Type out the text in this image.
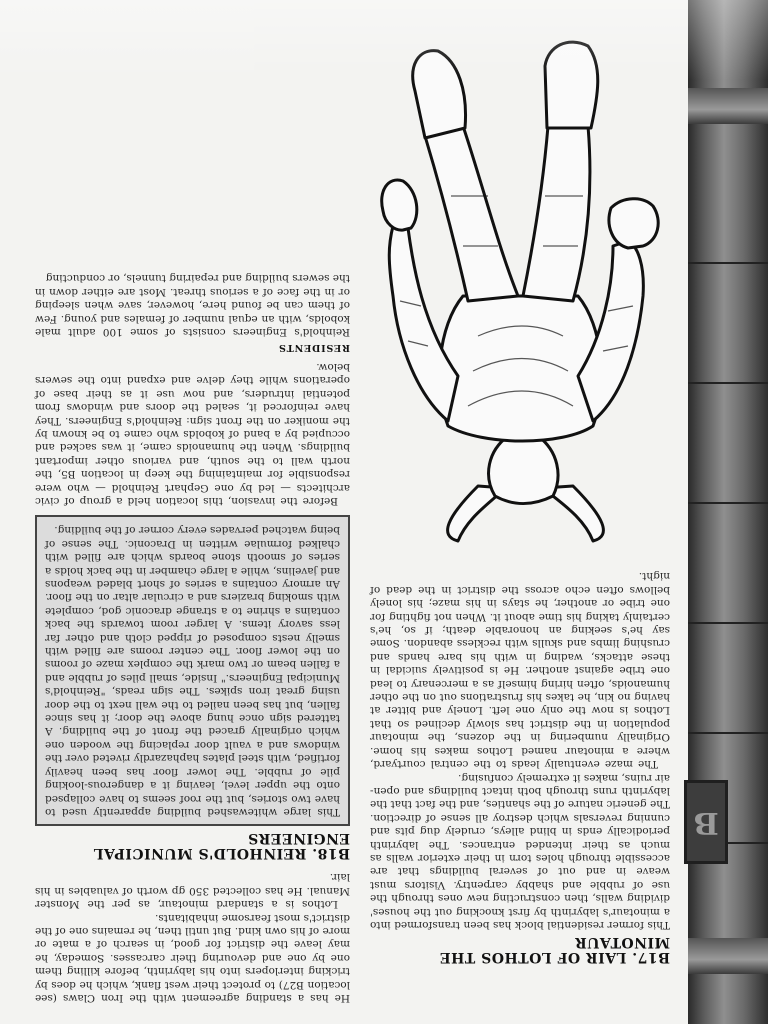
B
B17. LAIR OF LOTHOS THE
MINOTAUR

This former residential block has been transformed into a minotaur's labyrinth by first knocking out the houses' dividing walls, then constructing new ones through the use of rubble and shabby carpentry. Visitors must weave in and out of several buildings that are accessible through holes torn in their exterior walls as much as their intended entrances. The labyrinth periodically ends in blind alleys, crudely dug pits and cunning reversals which destroy all sense of direction. The generic nature of the shanties, and the fact that the labyrinth runs through both intact buildings and open-air ruins, makes it extremely confusing.

The maze eventually leads to the central courtyard, where a minotaur named Lothos makes his home. Originally numbering in the dozens, the minotaur population in the district has slowly declined so that Lothos is now the only one left. Lonely and bitter at having no kin, he takes his frustrations out on the other humanoids, often hiring himself as a mercenary to lead one tribe against another. He is positively suicidal in these attacks, wading in with his bare hands and crushing limbs and skulls with reckless abandon. Some say he's seeking an honorable death; if so, he's certainly taking his time about it. When not fighting for one tribe or another, he stays in his maze; his lonely bellows often echo across the district in the dead of night.

He has a standing agreement with the Iron Claws (see location B27) to protect their west flank, which he does by tricking interlopers into his labyrinth, before killing them one by one and devouring their carcasses. Someday, he may leave the district for good, in search of a mate or more of his own kind. But until then, he remains one of the district's most fearsome inhabitants.

Lothos is a standard minotaur, as per the Monster Manual. He has collected 350 gp worth of valuables in his lair.

B18. REINHOLD'S MUNICIPAL
ENGINEERS

This large whitewashed building apparently used to have two stories, but the roof seems to have collapsed onto the upper level, leaving it a dangerous-looking pile of rubble. The lower floor has been heavily fortified, with steel plates haphazardly riveted over the windows and a vault door replacing the wooden one which originally graced the front of the building. A tattered sign once hung above the door; it has since fallen, but has been nailed to the wall next to the door using great iron spikes. The sign reads, "Reinhold's Municipal Engineers." Inside, small piles of rubble and a fallen beam or two mark the complex maze of rooms on the lower floor. The center rooms are filled with smelly nests composed of ripped cloth and other far less savory items. A larger room towards the back contains a shrine to a strange draconic god, complete with smoking braziers and a circular altar on the floor. An armory contains a series of short bladed weapons and javelins, while a large chamber in the back holds a series of smooth stone boards which are filled with chalked formulae written in Draconic. The sense of being watched pervades every corner of the building.

Before the invasion, this location held a group of civic architects — led by one Gephart Reinhold — who were responsible for maintaining the keep in location B5, the north wall to the south, and various other important buildings. When the humanoids came, it was sacked and occupied by a band of kobolds who came to be known by the moniker on the front sign: Reinhold's Engineers. They have reinforced it, sealed the doors and windows from potential intruders, and now use it as their base of operations while they delve and expand into the sewers below.

RESIDENTS

Reinhold's Engineers consists of some 100 adult male kobolds, with an equal number of females and young. Few of them can be found here, however, save when sleeping or in the face of a serious threat. Most are either down in the sewers building and repairing tunnels, or conducting
